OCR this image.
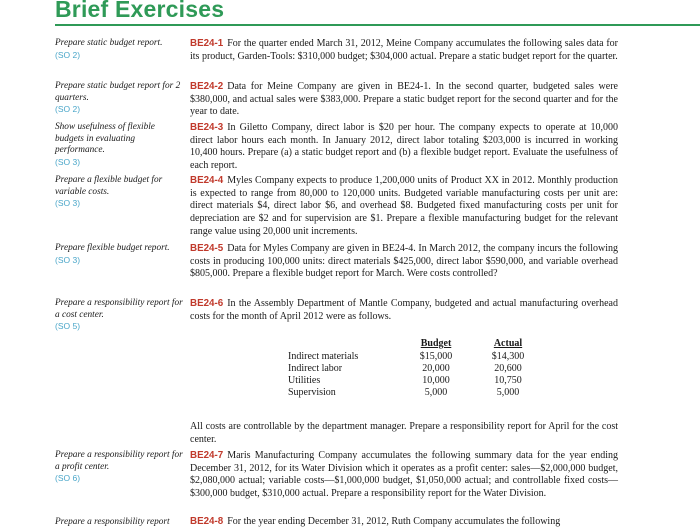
Brief Exercises
Prepare static budget report.
(SO 2)
BE24-1 For the quarter ended March 31, 2012, Meine Company accumulates the following sales data for its product, Garden-Tools: $310,000 budget; $304,000 actual. Prepare a static budget report for the quarter.
Prepare static budget report for 2 quarters.
(SO 2)
BE24-2 Data for Meine Company are given in BE24-1. In the second quarter, budgeted sales were $380,000, and actual sales were $383,000. Prepare a static budget report for the second quarter and for the year to date.
Show usefulness of flexible budgets in evaluating performance.
(SO 3)
BE24-3 In Giletto Company, direct labor is $20 per hour. The company expects to operate at 10,000 direct labor hours each month. In January 2012, direct labor totaling $203,000 is incurred in working 10,400 hours. Prepare (a) a static budget report and (b) a flexible budget report. Evaluate the usefulness of each report.
Prepare a flexible budget for variable costs.
(SO 3)
BE24-4 Myles Company expects to produce 1,200,000 units of Product XX in 2012. Monthly production is expected to range from 80,000 to 120,000 units. Budgeted variable manufacturing costs per unit are: direct materials $4, direct labor $6, and overhead $8. Budgeted fixed manufacturing costs per unit for depreciation are $2 and for supervision are $1. Prepare a flexible manufacturing budget for the relevant range value using 20,000 unit increments.
Prepare flexible budget report.
(SO 3)
BE24-5 Data for Myles Company are given in BE24-4. In March 2012, the company incurs the following costs in producing 100,000 units: direct materials $425,000, direct labor $590,000, and variable overhead $805,000. Prepare a flexible budget report for March. Were costs controlled?
Prepare a responsibility report for a cost center.
(SO 5)
BE24-6 In the Assembly Department of Mantle Company, budgeted and actual manufacturing overhead costs for the month of April 2012 were as follows.
	Budget	Actual
Indirect materials	$15,000	$14,300
Indirect labor	20,000	20,600
Utilities	10,000	10,750
Supervision	5,000	5,000
All costs are controllable by the department manager. Prepare a responsibility report for April for the cost center.
Prepare a responsibility report for a profit center.
(SO 6)
BE24-7 Maris Manufacturing Company accumulates the following summary data for the year ending December 31, 2012, for its Water Division which it operates as a profit center: sales—$2,000,000 budget, $2,080,000 actual; variable costs—$1,000,000 budget, $1,050,000 actual; and controllable fixed costs—$300,000 budget, $310,000 actual. Prepare a responsibility report for the Water Division.
Prepare a responsibility report BE24-8 For the year ending December 31, 2012, Ruth Company accumulates the following
